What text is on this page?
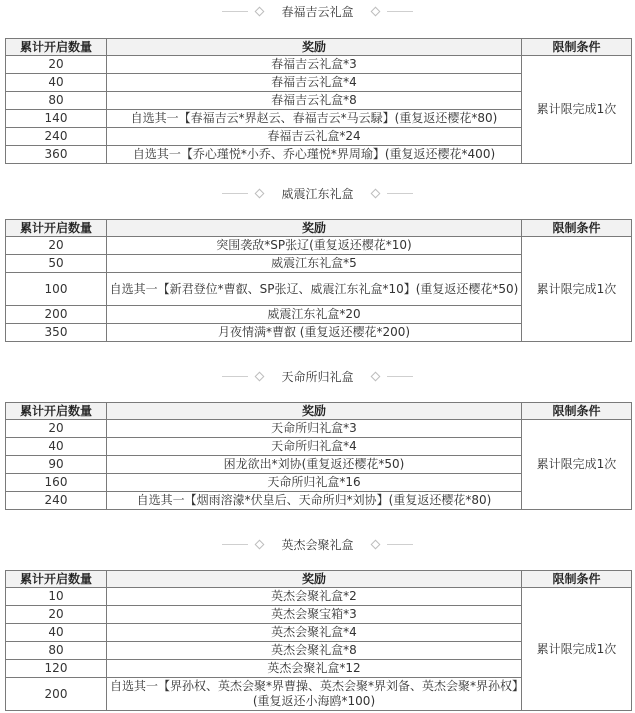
春福吉云礼盒
累计开启数量	奖励	限制条件
20	春福吉云礼盒*3	累计限完成1次
40	春福吉云礼盒*4	
80	春福吉云礼盒*8	
140	自选其一【春福吉云*界赵云、春福吉云*马云騄】(重复返还樱花*80)	
240	春福吉云礼盒*24	
360	自选其一【乔心瑾悦*小乔、乔心瑾悦*界周瑜】(重复返还樱花*400)	
威震江东礼盒
累计开启数量	奖励	限制条件
20	突围袭敌*SP张辽(重复返还樱花*10)	累计限完成1次
50	威震江东礼盒*5	
100	自选其一【新君登位*曹叡、SP张辽、威震江东礼盒*10】(重复返还樱花*50)	
200	威震江东礼盒*20	
350	月夜情满*曹叡 (重复返还樱花*200)	
天命所归礼盒
累计开启数量	奖励	限制条件
20	天命所归礼盒*3	累计限完成1次
40	天命所归礼盒*4	
90	困龙欲出*刘协(重复返还樱花*50)	
160	天命所归礼盒*16	
240	自选其一【烟雨溶濛*伏皇后、天命所归*刘协】(重复返还樱花*80)	
英杰会聚礼盒
累计开启数量	奖励	限制条件
10	英杰会聚礼盒*2	累计限完成1次
20	英杰会聚宝箱*3	
40	英杰会聚礼盒*4	
80	英杰会聚礼盒*8	
120	英杰会聚礼盒*12	
200	自选其一【界孙权、英杰会聚*界曹操、英杰会聚*界刘备、英杰会聚*界孙权】(重复返还小海鸥*100)	
